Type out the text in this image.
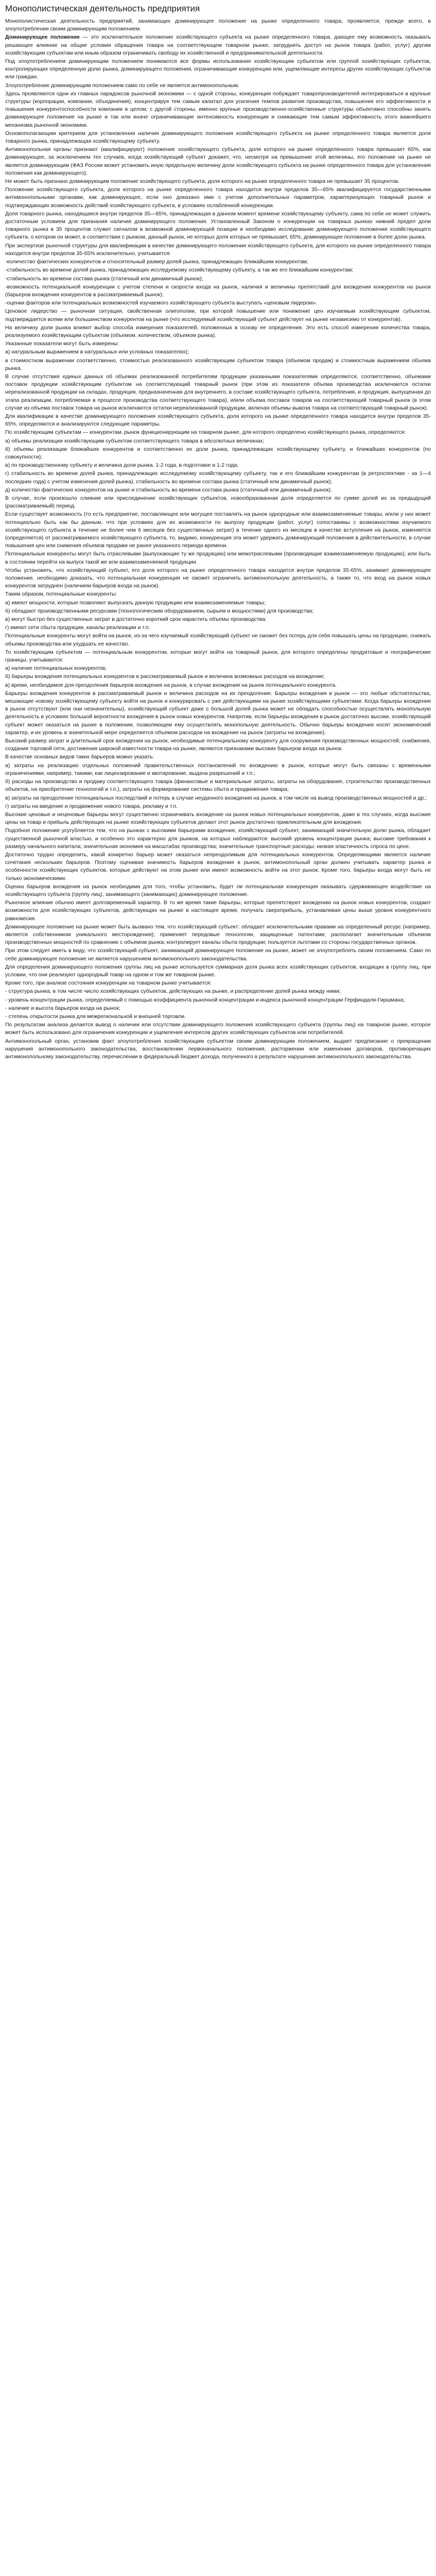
Монополистическая деятельность предприятия

Монополистическая деятельность предприятий, занимающих доминирующее положение на рынке определенного товара, проявляется, прежде всего, в злоупотреблении своим доминирующим положением.

Доминирующее положение — это исключительное положение хозяйствующего субъекта на рынке определенного товара, дающее ему возможность оказывать решающее влияние на общие условия обращения товара на соответствующем товарном рынке, затруднять доступ на рынок товара (работ, услуг) другим хозяйствующим субъектам или иным образом ограничивать свободу их хозяйственной и предпринимательской деятельности.

Под злоупотреблением доминирующим положением понимаются все формы использования хозяйствующим субъектом или группой хозяйствующих субъектов, контролирующих определенную долю рынка, доминирующего положения, ограничивающие конкуренцию или, ущемляющие интересы других хозяйствующих субъектов или граждан.

Злоупотребление доминирующим положением само по себе не является антимонопольным.

Здесь проявляются одни из главных парадоксов рыночной экономики — с одной стороны, конкуренция побуждает товаропроизводителей интегрироваться в крупные структуры (корпорации, компании, объединения), концентрируя тем самым капитал для усиления темпов развития производства, повышения его эффективности и повышения конкурентоспособности компании в целом; с другой стороны, именно крупные производственно-хозяйственные структуры объективно способны занять доминирующее положение на рынке и так или иначе ограничивающие интенсивность конкуренции и снижающие тем самым эффективность этого важнейшего механизма рыночной экономики.

Основополагающим критерием для установления наличия доминирующего положения хозяйствующего субъекта на рынке определенного товара является доля товарного рынка, принадлежащая хозяйствующему субъекту.

Антимонопольная органы признают (квалифицируют) положение хозяйствующего субъекта, доля которого на рынке определенного товара превышает 65%, как доминирующее, за исключением тех случаев, когда хозяйствующий субъект докажет, что, несмотря на превышение этой величины, его положение на рынке не является доминирующим (ФАЗ России может установить иную предельную величину доли хозяйствующего субъекта на рынке определенного товара для установления положения как доминирующего).

Не может быть признано доминирующим положение хозяйствующего субъекта, доля которого на рынке определенного товара не превышает 35 процентов.

Положение хозяйствующего субъекта, доля которого на рынке определенного товара находится внутри пределов 35—65% квалифицируется государственными антимонопольными органами, как доминирующее, если оно доказано ими с учетом дополнительных параметров, характеризующих товарный рынок и подтверждающих возможность действий хозяйствующего субъекта, в условиях ослабленной конкуренции.

Доля товарного рынка, находящаяся внутри пределов 35—65%, принадлежащая в данном момент времени хозяйствующему субъекту, сама по себе не может служить достаточным условием для признания наличия доминирующего положения. Установленный Законом о конкуренции на товарных рынках нижний предел доли товарного рынка в 35 процентов служит сигналом в возможной доминирующей позиции и необходимо исследование доминирующего положения хозяйствующего субъекта, о котором он может, в соответствии с рынком, данный рынок, не которых доля которых не превышает, 65%, доминирующее положение в более долю рынка.

При экспертизе рыночной структуры для квалификации в качестве доминирующего положения хозяйствующего субъекта, для которого на рынке определенного товара находится внутри пределов 35-65% исключительно, учитывается:

-количество фактических конкурентов и относительный размер долей рынка, принадлежащих ближайшим конкурентам;

-стабильность во времени долей рынка, принадлежащих исследуемому хозяйствующему субъекту, а так же его ближайшим конкурентам;

-стабильность во времени состава рынка (статичный или динамичный рынок);

-возможность потенциальной конкуренции с учетом степени и скорости входа на рынок, наличия и величины препятствий для вхождения конкурентов на рынок (барьеров вхождения конкурентов в рассматриваемый рынок);

-оценки факторов или потенциальных возможностей изучаемого хозяйствующего субъекта выступать «ценовым лидером».

Ценовое лидерство — рыночная ситуация, свойственная олигополии, при которой повышение или понижение цен изучаемым хозяйствующим субъектом, подтверждается всеми или большинством конкурентов на рынке (что исследуемый хозяйствующий субъект действует на рынке независимо от конкурентов).

На величину доли рынка влияют выбор способа измерения показателей, положенных в основу ее определения. Это есть способ измерения количества товара, реализуемого хозяйствующим субъектом (объемом, количеством, объемом рынка).

Указанные показатели могут быть измерены:

а) натуральным выражением в натуральных или условных показателях);

в стоимостном выражении соответственно, стоимостью реализованного хозяйствующим субъектом товара (объемом продаж) и стоимостным выражением объема рынка.

В случае отсутствия единых данных об объемах реализованной потребителям продукции указанными показателями определяются, соответственно, объемами поставок продукции хозяйствующим субъектом на соответствующий товарный рынок (при этом из показателя объема производства исключаются остатки нереализованной продукции на складах, продукция, предназначенная для внутреннего, в составе хозяйствующего субъекта, потребления, и продукция, выпущенная до этапа реализации, потребляемая в процессе производства соответствующего товара), и/или объема поставок товаров на соответствующий товарный рынок (в этом случае из объема поставок товара на рынок исключаются остатки нереализованной продукции, включая объемы вывоза товара на соответствующий товарный рынок).

Для квалификации в качестве доминирующего положения хозяйствующего субъекта, доля которого на рынке определенного товара находится внутри пределов 35-65%, определяются и анализируются следующие параметры.

По хозяйствующим субъектам — конкурентам, рынок функционирующим на товарном рынке, для которого определено хозяйствующего рынка, определяются:

а) объемы реализации хозяйствующим субъектом соответствующего товара в абсолютных величинах;

б) объемы реализации ближайших конкурентов и соответственно их доли рынка, принадлежащих хозяйствующему субъекту, и ближайших конкурентов (по совокупности);

в) по производственному субъекту и величина доли рынка. 1-2 года, в подготовке и 1-2 года;

г) стабильность во времени долей рынка, принадлежащих исследуемому хозяйствующему субъекту, так и его ближайшим конкурентам (в ретроспективе - за 1—4 последних года) с учетом изменения долей рынка), стабильность во времени состава рынка (статичный или динамичный рынок);

д) количество фактических конкурентов на рынке и стабильность во времени состава рынка (статичный или динамичный рынок).

В случае, если произошло слияние или присоединение хозяйствующих субъектов, новообразованная доля определяется по сумме долей их за предыдущий (рассматриваемый) период.

Если существует возможность (то есть предприятие, поставляющее или могущее поставлять на рынок однородные или взаимозаменяемые товары, и/или у них может потенциально быть как бы данным, что при условиях для их возможности по выпуску продукции (работ, услуг) сопоставимы с возможностями изучаемого хозяйствующего субъекта в течение не более чем 6 месяцев без существенных затрат) в течение одного из месяцев в качестве вступления на рынок, изменяется (определяется) от рассматриваемого хозяйствующего субъекта, то, видимо, конкуренция эта может удержать доминирующий положения в действительности, в случае повышения цен или снижения объемов продажи не ранее указанного периода времени.

Потенциальные конкуренты могут быть отраслевыми (выпускающие ту же продукцию) или межотраслевыми (производящие взаимозаменяемую продукцию), или быть в состоянии перейти на выпуск такой же или взаимозаменяемой продукции.

Чтобы установить, что хозяйствующий субъект, его доля которого на рынке определенного товара находится внутри пределов 35-65%, занимает доминирующее положение, необходимо доказать, что потенциальная конкуренция не сможет ограничить антимонопольную деятельность, а также то, что вход на рынок новых конкурентов затруднен (наличием барьеров входа на рынок).

Таким образом, потенциальные конкуренты:

а) имеют мощности, которые позволяют выпускать данную продукцию или взаимозаменяемые товары;

б) обладают производственными ресурсами (технологическим оборудованием, сырьем и мощностями) для производства;

в) могут быстро без существенных затрат в достаточно короткий срок нарастить объемы производства;

г) имеют сети сбыта продукции, каналы реализации и т.п.

Потенциальные конкуренты могут войти на рынок, из-за чего изучаемый хозяйствующий субъект не сможет без потерь для себя повышать цены на продукцию, снижать объемы производства или ухудшать ее качество.

То хозяйствующим субъектом — потенциальным конкурентом, которые могут войти на товарный рынок, для которого определены продуктовые и географические границы, учитываются:

а) наличие потенциальных конкурентов;

б) барьеры вхождения потенциальных конкурентов в рассматриваемый рынок и величина возможных расходов на вхождение;

в) время, необходимое для преодоления барьеров вхождения на рынок, в случае вхождения на рынок потенциального конкурента.

Барьеры вхождения конкурентов в рассматриваемый рынок и величина расходов на их преодоление. Барьеры вхождения в рынок — это любые обстоятельства, мешающие новому хозяйствующему субъекту войти на рынок и конкурировать с уже действующими на рынке хозяйствующими субъектами. Когда барьеры вхождения в рынок отсутствуют (или они незначительны), хозяйствующий субъект даже с большой долей рынка может не обладать способностью осуществлять монопольную деятельность в условиях большой вероятности вхождения в рынок новых конкурентов. Напротив, если барьеры вхождения в рынок достаточно высоки, хозяйствующий субъект может оказаться на рынке в положении, позволяющем ему осуществлять монопольную деятельность. Обычно барьеры вхождения носят экономический характер, и их уровень в значительной мере определяется объемом расходов на вхождение на рынок (затраты на вхождение).

Высокий размер затрат и длительный срок вхождения на рынок, необходимые потенциальному конкуренту для сооружения производственных мощностей, снабжения, создания торговой сети, достижения широкой известности товара на рынке, являются признаками высоких барьеров входа на рынок.

В качестве основных видов таких барьеров можно указать:

а) затраты на реализацию отдельных положений правительственных постановлений по вхождению в рынок, которые могут быть связаны с временными ограничениями, например, такими, как лицензирование и квотирование, выдача разрешений и т.п.;

б) расходы на производство и продажу соответствующего товара (финансовые и материальные затраты, затраты на оборудование, строительство производственных объектов, на приобретение технологий и т.п.), затраты на формирование системы сбыта и продвижения товара;

в) затраты на преодоление потенциальных последствий и потерь в случае неудачного вхождения на рынок, в том числе на вывод производственных мощностей и др.;

г) затраты на введение и продвижение нового товара, рекламу и т.п.

Высокие ценовые и неценовые барьеры могут существенно ограничивать вхождение на рынок новых потенциальных конкурентов, даже в тех случаях, когда высокие цены на товар и прибыль действующих на рынке хозяйствующих субъектов делают этот рынок достаточно привлекательным для вхождения.

Подобное положение усугубляется тем, что на рынках с высокими барьерами вхождения, хозяйствующий субъект, занимающий значительную долю рынка, обладает существенной рыночной властью, и особенно это характерно для рынков, на которых наблюдаются: высокий уровень концентрации рынка; высокие требования к размеру начального капитала; значительная экономия на масштабах производства; значительные транспортные расходы; низкая эластичность спроса по цене.

Достаточно трудно определить, какой конкретно барьер может оказаться непреодолимым для потенциальных конкурентов. Определяющими является наличие сочетания нескольких барьеров. Поэтому оценивая значимость барьеров вхождения в рынок, антимонопольный орган должен учитывать характер рынка и особенности хозяйствующих субъектов, которые действуют на этом рынке или имеют возможность войти на этот рынок. Кроме того, барьеры входа могут быть не только экономическими.

Оценка барьеров вхождения на рынок необходима для того, чтобы установить, будет ли потенциальная конкуренция оказывать сдерживающее воздействие на хозяйствующего субъекта (группу лиц), занимающего (занимающих) доминирующее положение.

Рыночное влияние обычно имеет долговременный характер. В то же время такие барьеры, которые препятствуют вхождению на рынок новых конкурентов, создают возможности для хозяйствующих субъектов, действующих на рынке в настоящее время, получать сверхприбыль, устанавливая цены выше уровня конкурентного равновесия.

Доминирующее положение на рынке может быть вызвано тем, что хозяйствующий субъект: обладает исключительными правами на определенный ресурс (например, является собственником уникального месторождения); применяет передовые технологии, защищенные патентами; располагает значительным объемом производственных мощностей по сравнению с объемом рынка; контролирует каналы сбыта продукции; пользуется льготами со стороны государственных органов.

При этом следует иметь в виду, что хозяйствующий субъект, занимающий доминирующее положение на рынке, может не злоупотреблять своим положением. Само по себе доминирующее положение не является нарушением антимонопольного законодательства.

Для определения доминирующего положения группы лиц на рынке используется суммарная доля рынка всех хозяйствующих субъектов, входящих в группу лиц, при условии, что они реализуют однородный товар на одном и том же товарном рынке.

Кроме того, при анализе состояния конкуренции на товарном рынке учитывается:

- структура рынка, в том числе число хозяйствующих субъектов, действующих на рынке, и распределение долей рынка между ними;

- уровень концентрации рынка, определяемый с помощью коэффициента рыночной концентрации и индекса рыночной концентрации Герфиндаля-Гиршмана;

- наличие и высота барьеров входа на рынок;

- степень открытости рынка для межрегиональной и внешней торговли.

По результатам анализа делается вывод о наличии или отсутствии доминирующего положения хозяйствующего субъекта (группы лиц) на товарном рынке, которое может быть использовано для ограничения конкуренции и ущемления интересов других хозяйствующих субъектов или потребителей.

Антимонопольный орган, установив факт злоупотребления хозяйствующим субъектом своим доминирующим положением, выдает предписание о прекращении нарушения антимонопольного законодательства, восстановлении первоначального положения, расторжении или изменении договоров, противоречащих антимонопольному законодательству, перечислении в федеральный бюджет дохода, полученного в результате нарушения антимонопольного законодательства.
